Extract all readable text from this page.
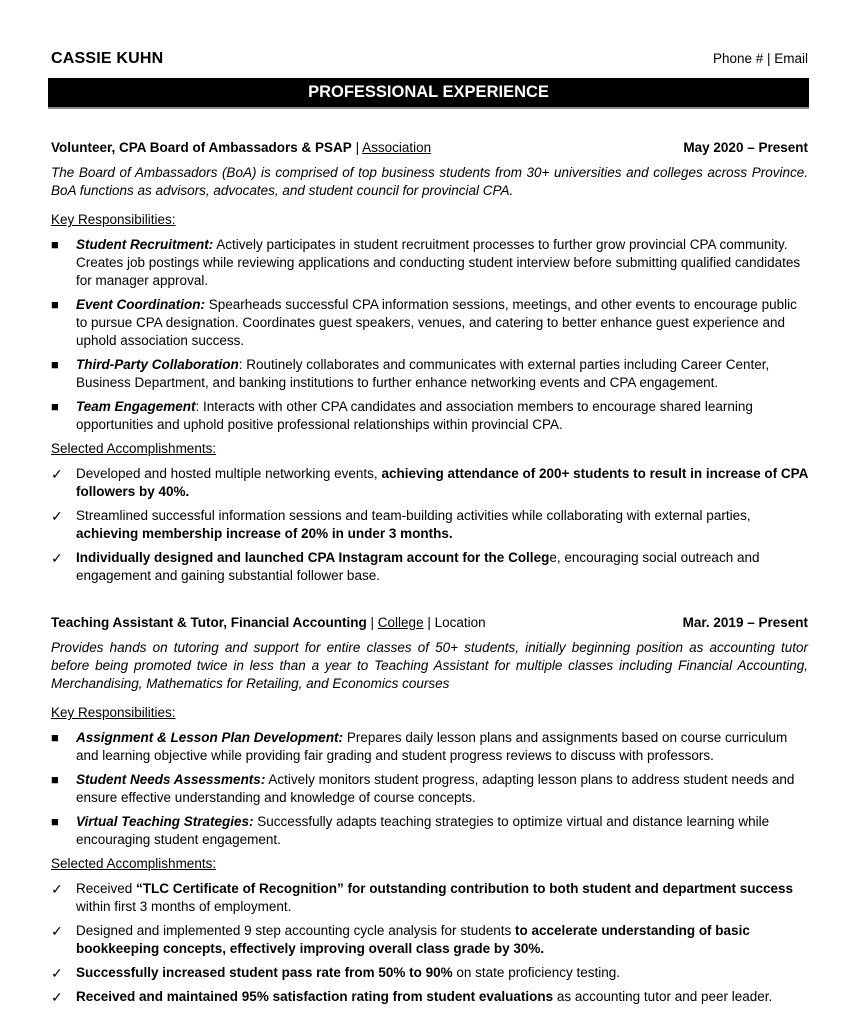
CASSIE KUHN	Phone # | Email
PROFESSIONAL EXPERIENCE
Volunteer, CPA Board of Ambassadors & PSAP | Association	May 2020 – Present
The Board of Ambassadors (BoA) is comprised of top business students from 30+ universities and colleges across Province. BoA functions as advisors, advocates, and student council for provincial CPA.
Key Responsibilities:
■ Student Recruitment: Actively participates in student recruitment processes to further grow provincial CPA community. Creates job postings while reviewing applications and conducting student interview before submitting qualified candidates for manager approval.
■ Event Coordination: Spearheads successful CPA information sessions, meetings, and other events to encourage public to pursue CPA designation. Coordinates guest speakers, venues, and catering to better enhance guest experience and uphold association success.
■ Third-Party Collaboration: Routinely collaborates and communicates with external parties including Career Center, Business Department, and banking institutions to further enhance networking events and CPA engagement.
■ Team Engagement: Interacts with other CPA candidates and association members to encourage shared learning opportunities and uphold positive professional relationships within provincial CPA.
Selected Accomplishments:
✓ Developed and hosted multiple networking events, achieving attendance of 200+ students to result in increase of CPA followers by 40%.
✓ Streamlined successful information sessions and team-building activities while collaborating with external parties, achieving membership increase of 20% in under 3 months.
✓ Individually designed and launched CPA Instagram account for the College, encouraging social outreach and engagement and gaining substantial follower base.
Teaching Assistant & Tutor, Financial Accounting | College | Location	Mar. 2019 – Present
Provides hands on tutoring and support for entire classes of 50+ students, initially beginning position as accounting tutor before being promoted twice in less than a year to Teaching Assistant for multiple classes including Financial Accounting, Merchandising, Mathematics for Retailing, and Economics courses
Key Responsibilities:
■ Assignment & Lesson Plan Development: Prepares daily lesson plans and assignments based on course curriculum and learning objective while providing fair grading and student progress reviews to discuss with professors.
■ Student Needs Assessments: Actively monitors student progress, adapting lesson plans to address student needs and ensure effective understanding and knowledge of course concepts.
■ Virtual Teaching Strategies: Successfully adapts teaching strategies to optimize virtual and distance learning while encouraging student engagement.
Selected Accomplishments:
✓ Received “TLC Certificate of Recognition” for outstanding contribution to both student and department success within first 3 months of employment.
✓ Designed and implemented 9 step accounting cycle analysis for students to accelerate understanding of basic bookkeeping concepts, effectively improving overall class grade by 30%.
✓ Successfully increased student pass rate from 50% to 90% on state proficiency testing.
✓ Received and maintained 95% satisfaction rating from student evaluations as accounting tutor and peer leader.
